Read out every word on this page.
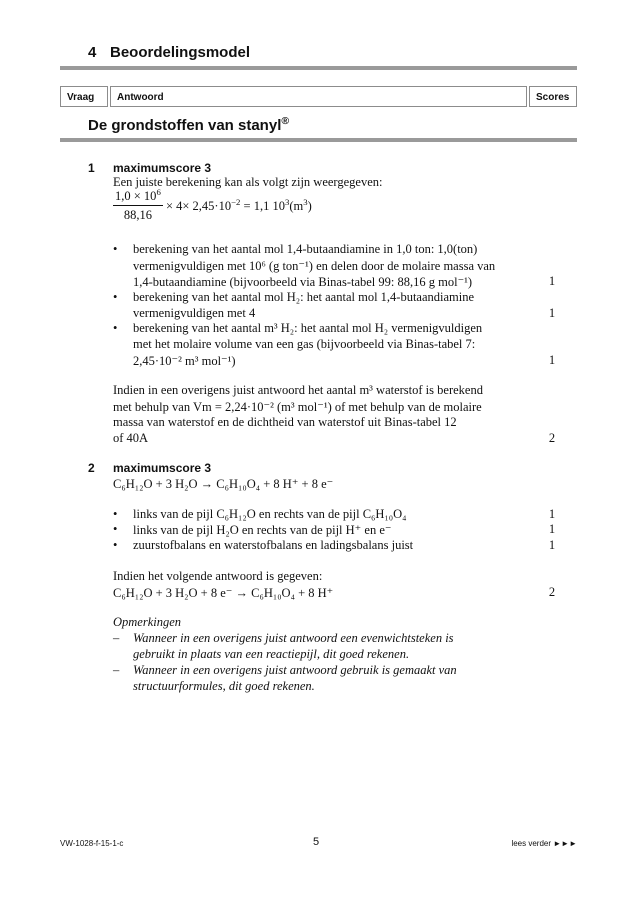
4 Beoordelingsmodel
Vraag	Antwoord	Scores
De grondstoffen van stanyl®
1 maximumscore 3
Een juiste berekening kan als volgt zijn weergegeven:
$\frac{1,0 \times 10^6}{88,16} \times 4\times 2,45\cdot 10^{-2} = 1,1$ $10^3(m^3)$
• berekening van het aantal mol 1,4-butaandiamine in 1,0 ton: 1,0(ton)
vermenigvuldigen met 10⁶ (g ton⁻¹) en delen door de molaire massa van
1,4-butaandiamine (bijvoorbeeld via Binas-tabel 99: 88,16 g mol⁻¹)	1
• berekening van het aantal mol H₂: het aantal mol 1,4-butaandiamine
vermenigvuldigen met 4	1
• berekening van het aantal m³ H₂: het aantal mol H₂ vermenigvuldigen
met het molaire volume van een gas (bijvoorbeeld via Binas-tabel 7:
2,45·10⁻² m³ mol⁻¹)	1
Indien in een overigens juist antwoord het aantal m³ waterstof is berekend
met behulp van Vm = 2,24·10⁻² (m³ mol⁻¹) of met behulp van de molaire
massa van waterstof en de dichtheid van waterstof uit Binas-tabel 12
of 40A	2
2 maximumscore 3
C₆H₁₂O + 3 H₂O → C₆H₁₀O₄ + 8 H⁺ + 8 e⁻
• links van de pijl C₆H₁₂O en rechts van de pijl C₆H₁₀O₄	1
• links van de pijl H₂O en rechts van de pijl H⁺ en e⁻	1
• zuurstofbalans en waterstofbalans en ladingsbalans juist	1
Indien het volgende antwoord is gegeven:
C₆H₁₂O + 3 H₂O + 8 e⁻ → C₆H₁₀O₄ + 8 H⁺	2
Opmerkingen
– Wanneer in een overigens juist antwoord een evenwichtsteken is
gebruikt in plaats van een reactiepijl, dit goed rekenen.
– Wanneer in een overigens juist antwoord gebruik is gemaakt van
structuurformules, dit goed rekenen.
VW-1028-f-15-1-c	5	lees verder ►►►
